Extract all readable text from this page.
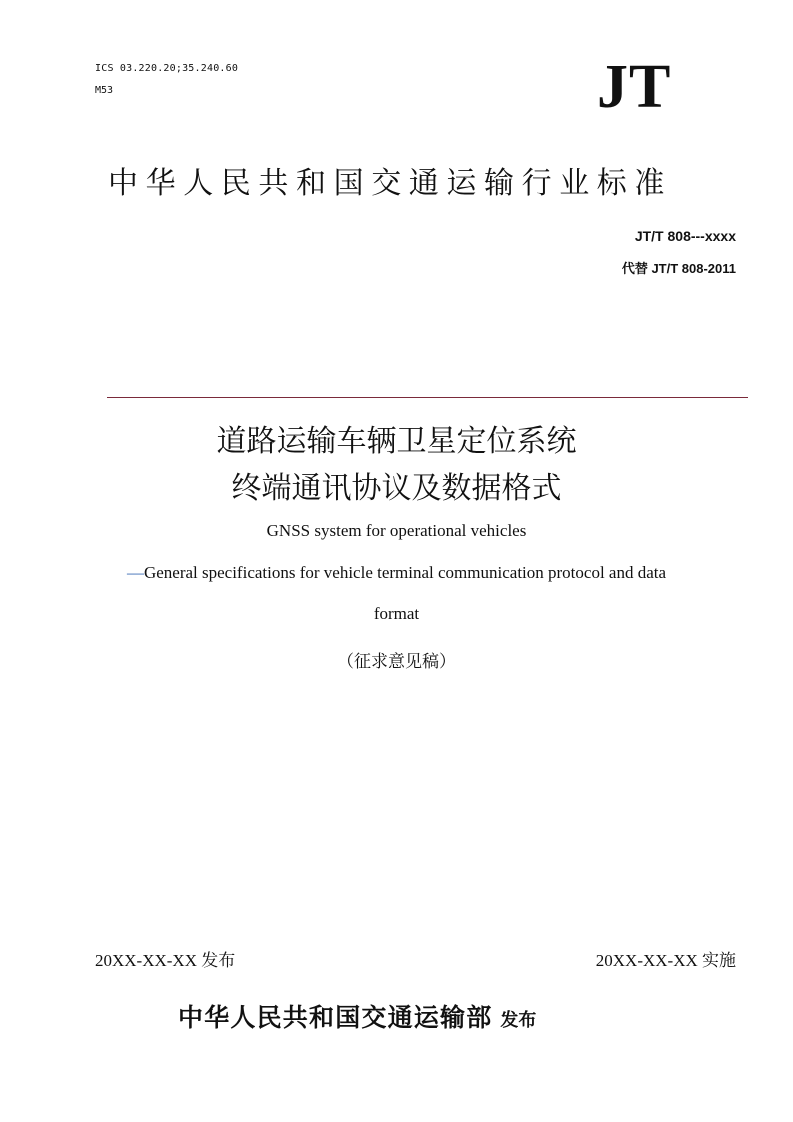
ICS 03.220.20;35.240.60
M53	JT
中华人民共和国交通运输行业标准
JT/T 808---xxxx
代替 JT/T 808-2011
道路运输车辆卫星定位系统
终端通讯协议及数据格式
GNSS system for operational vehicles
—General specifications for vehicle terminal communication protocol and data
format
（征求意见稿）
20XX-XX-XX 发布	20XX-XX-XX 实施
中华人民共和国交通运输部 发布
